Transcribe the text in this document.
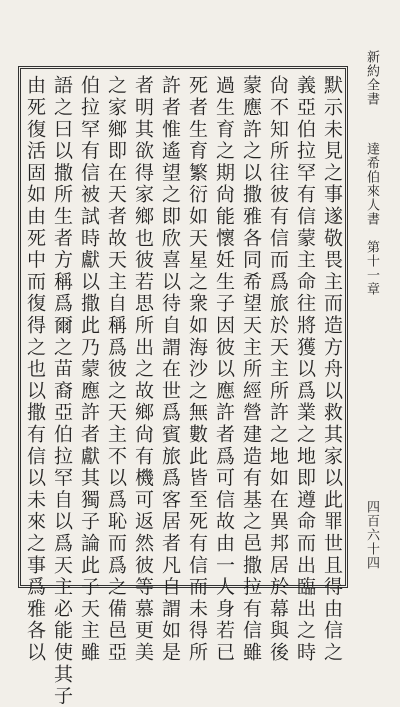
新約全書
達希伯來人書　第十一章
四百六十四
默示未見之事遂敬畏主而造方舟以救其家以此罪世且得由信之
義亞伯拉罕有信蒙主命往將獲以爲業之地即遵命而出臨出之時
尙不知所往彼有信而爲旅於天主所許之地如在異邦居於幕與後
蒙應許之以撒雅各同希望天主所經營建造有基之邑撒拉有信雖
過生育之期尙能懷妊生子因彼以應許者爲可信故由一人身若已
死者生育繁衍如天星之衆如海沙之無數此皆至死有信而未得所
許者惟遙望之即欣喜以待自謂在世爲賓旅爲客居者凡自謂如是
者明其欲得家鄉也彼若思所出之故鄉尙有機可返然彼等慕更美
之家鄉即在天者故天主自稱爲彼之天主不以爲恥而爲之備邑亞
伯拉罕有信被試時獻以撒此乃蒙應許者獻其獨子論此子天主雖
語之曰以撒所生者方稱爲爾之苗裔亞伯拉罕自以爲天主必能使其子
由死復活固如由死中而復得之也以撒有信以未來之事爲雅各以
